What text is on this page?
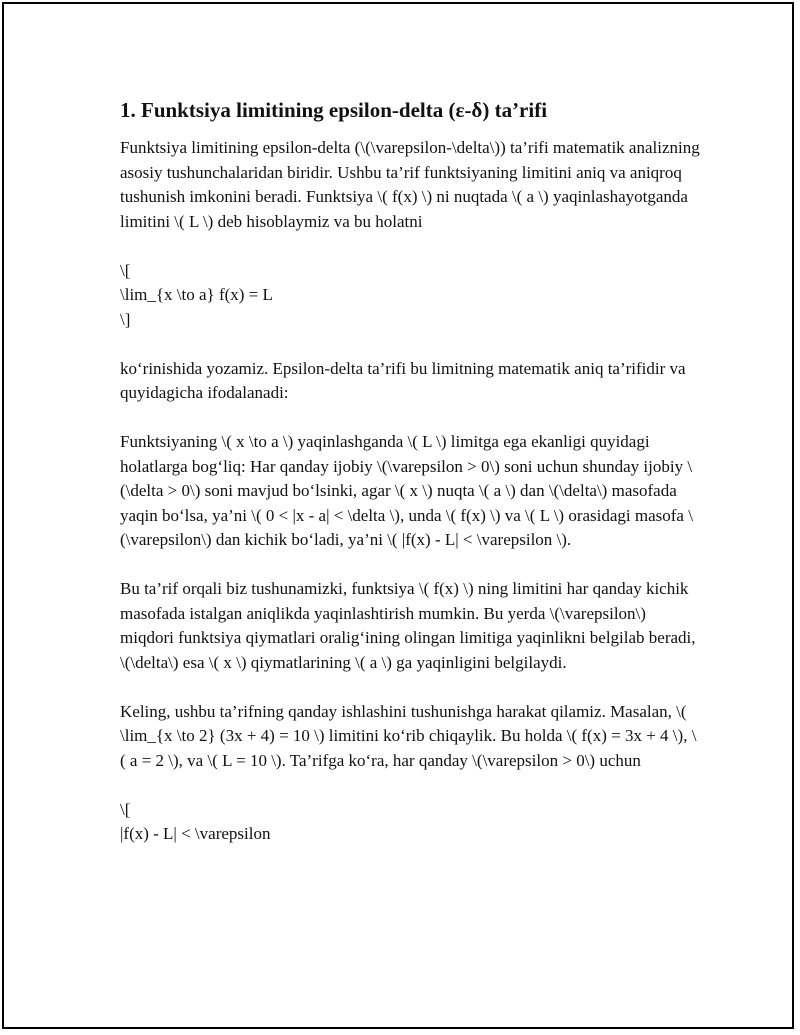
1. Funktsiya limitining epsilon-delta (ε-δ) ta’rifi

Funktsiya limitining epsilon-delta (\(\varepsilon-\delta\)) ta’rifi matematik analizning asosiy tushunchalaridan biridir. Ushbu ta’rif funktsiyaning limitini aniq va aniqroq tushunish imkonini beradi. Funktsiya \( f(x) \) ni nuqtada \( a \) yaqinlashayotganda limitini \( L \) deb hisoblaymiz va bu holatni

\[
\lim_{x \to a} f(x) = L
\]

ko‘rinishida yozamiz. Epsilon-delta ta’rifi bu limitning matematik aniq ta’rifidir va quyidagicha ifodalanadi:

Funktsiyaning \( x \to a \) yaqinlashganda \( L \) limitga ega ekanligi quyidagi holatlarga bog‘liq: Har qanday ijobiy \(\varepsilon > 0\) soni uchun shunday ijobiy \(\delta > 0\) soni mavjud bo‘lsinki, agar \( x \) nuqta \( a \) dan \(\delta\) masofada yaqin bo‘lsa, ya’ni \( 0 < |x - a| < \delta \), unda \( f(x) \) va \( L \) orasidagi masofa \(\varepsilon\) dan kichik bo‘ladi, ya’ni \( |f(x) - L| < \varepsilon \).

Bu ta’rif orqali biz tushunamizki, funktsiya \( f(x) \) ning limitini har qanday kichik masofada istalgan aniqlikda yaqinlashtirish mumkin. Bu yerda \(\varepsilon\) miqdori funktsiya qiymatlari oralig‘ining olingan limitiga yaqinlikni belgilab beradi, \(\delta\) esa \( x \) qiymatlarining \( a \) ga yaqinligini belgilaydi.

Keling, ushbu ta’rifning qanday ishlashini tushunishga harakat qilamiz. Masalan, \( \lim_{x \to 2} (3x + 4) = 10 \) limitini ko‘rib chiqaylik. Bu holda \( f(x) = 3x + 4 \), \( a = 2 \), va \( L = 10 \). Ta’rifga ko‘ra, har qanday \(\varepsilon > 0\) uchun

\[
|f(x) - L| < \varepsilon
